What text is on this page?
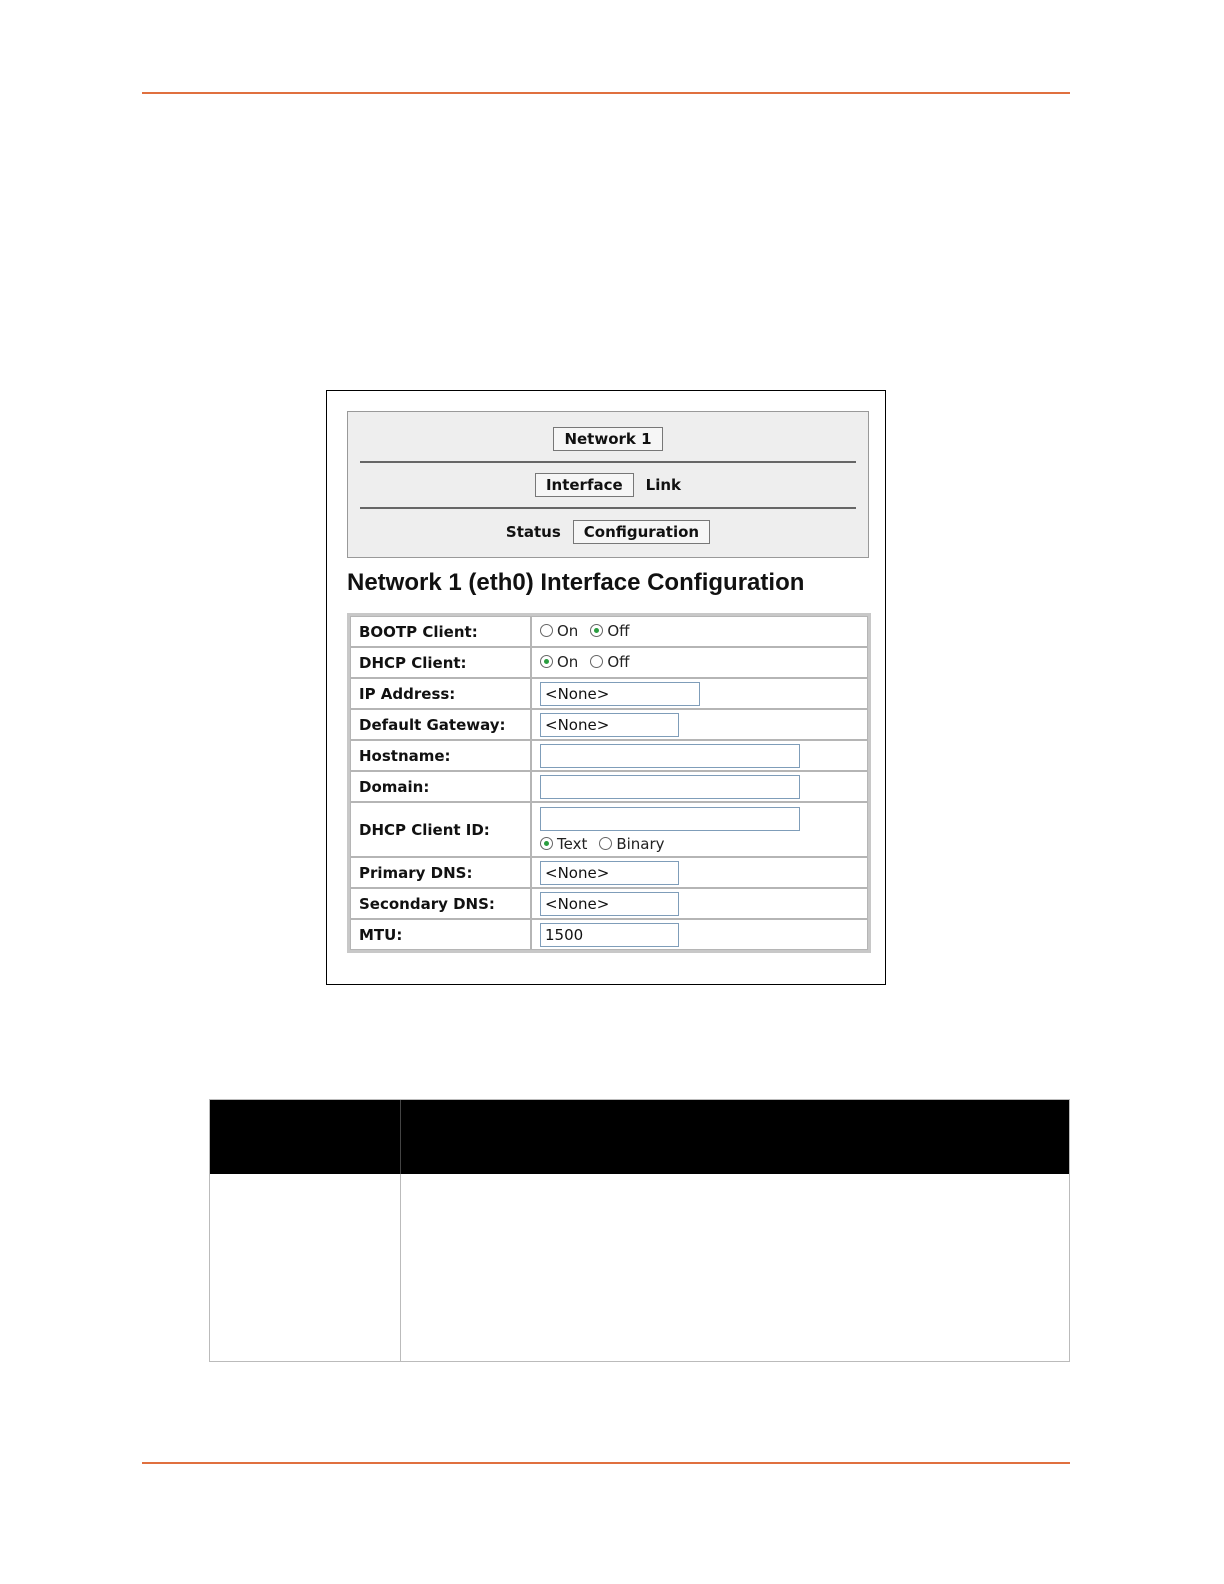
Network 1
Interface	Link
Status	Configuration
Network 1 (eth0) Interface Configuration
BOOTP Client:	On Off

DHCP Client:	On Off

IP Address:	<None>
Default Gateway:	<None>
Hostname:	
Domain:	
DHCP Client ID:	Text Binary

Primary DNS:	<None>
Secondary DNS:	<None>
MTU:	1500
